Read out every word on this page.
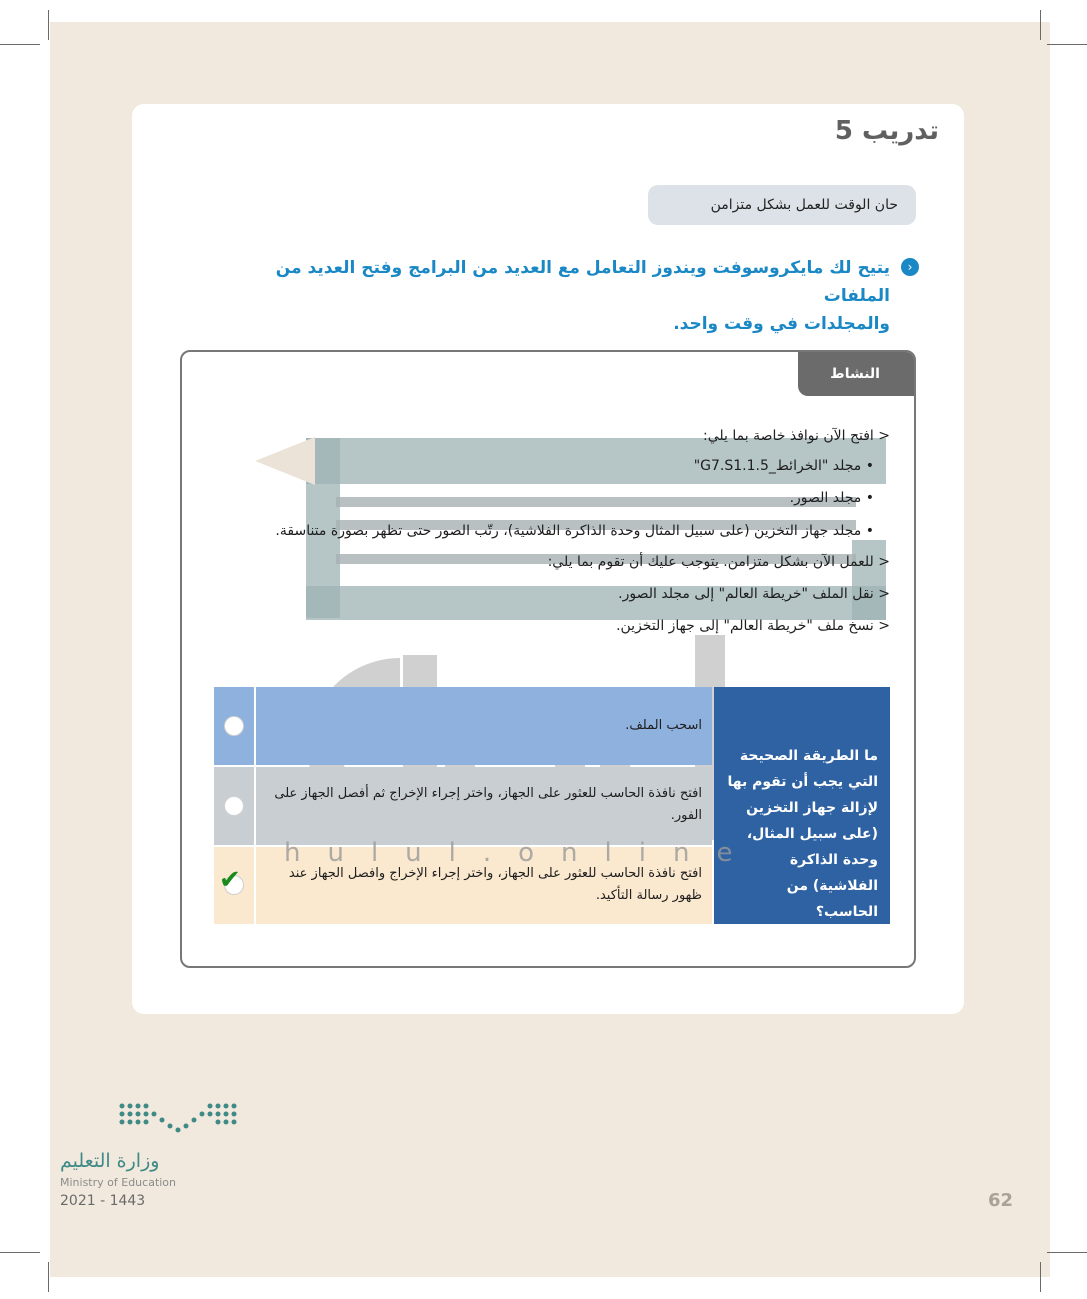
تدريب 5
حان الوقت للعمل بشكل متزامن
›
يتيح لك مايكروسوفت ويندوز التعامل مع العديد من البرامج وفتح العديد من الملفات
والمجلدات في وقت واحد.
النشاط
< افتح الآن نوافذ خاصة بما يلي:
• مجلد "الخرائط_G7.S1.1.5"
• مجلد الصور.
• مجلد جهاز التخزين (على سبيل المثال وحدة الذاكرة الفلاشية)، رتّب الصور حتى تظهر بصورة متناسقة.
< للعمل الآن بشكل متزامن. يتوجب عليك أن تقوم بما يلي:
< نقل الملف "خريطة العالم" إلى مجلد الصور.
< نسخ ملف "خريطة العالم" إلى جهاز التخزين.
ما الطريقة الصحيحة التي يجب أن تقوم بها لإزالة جهاز التخزين (على سبيل المثال، وحدة الذاكرة الفلاشية) من الحاسب؟
اسحب الملف.
افتح نافذة الحاسب للعثور على الجهاز، واختر إجراء الإخراج ثم أفصل الجهاز على الفور.
افتح نافذة الحاسب للعثور على الجهاز، واختر إجراء الإخراج وافصل الجهاز عند ظهور رسالة التأكيد.
✔
hulul.online
وزارة التعليم
Ministry of Education
2021 - 1443	62
